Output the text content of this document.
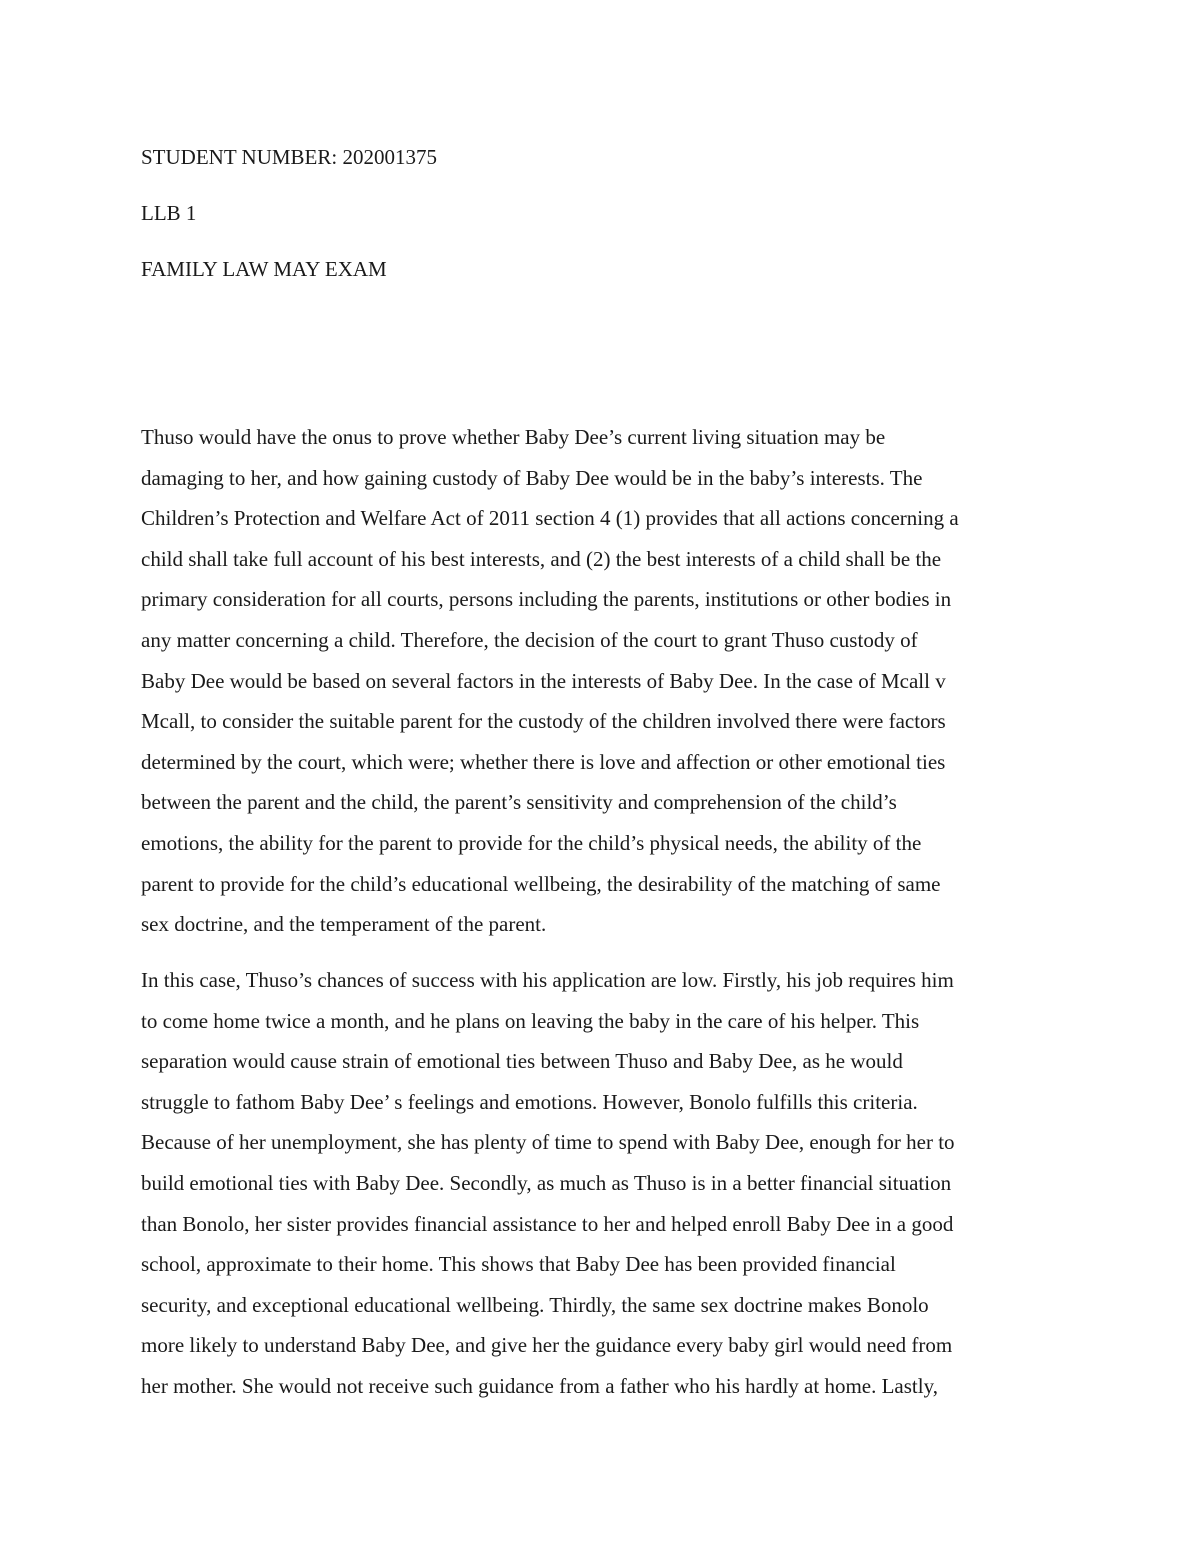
STUDENT NUMBER: 202001375
LLB 1
FAMILY LAW MAY EXAM

Thuso would have the onus to prove whether Baby Dee’s current living situation may be
damaging to her, and how gaining custody of Baby Dee would be in the baby’s interests. The
Children’s Protection and Welfare Act of 2011 section 4 (1) provides that all actions concerning a
child shall take full account of his best interests, and (2) the best interests of a child shall be the
primary consideration for all courts, persons including the parents, institutions or other bodies in
any matter concerning a child. Therefore, the decision of the court to grant Thuso custody of
Baby Dee would be based on several factors in the interests of Baby Dee. In the case of Mcall v
Mcall, to consider the suitable parent for the custody of the children involved there were factors
determined by the court, which were; whether there is love and affection or other emotional ties
between the parent and the child, the parent’s sensitivity and comprehension of the child’s
emotions, the ability for the parent to provide for the child’s physical needs, the ability of the
parent to provide for the child’s educational wellbeing, the desirability of the matching of same
sex doctrine, and the temperament of the parent.

In this case, Thuso’s chances of success with his application are low. Firstly, his job requires him
to come home twice a month, and he plans on leaving the baby in the care of his helper. This
separation would cause strain of emotional ties between Thuso and Baby Dee, as he would
struggle to fathom Baby Dee’ s feelings and emotions. However, Bonolo fulfills this criteria.
Because of her unemployment, she has plenty of time to spend with Baby Dee, enough for her to
build emotional ties with Baby Dee. Secondly, as much as Thuso is in a better financial situation
than Bonolo, her sister provides financial assistance to her and helped enroll Baby Dee in a good
school, approximate to their home. This shows that Baby Dee has been provided financial
security, and exceptional educational wellbeing. Thirdly, the same sex doctrine makes Bonolo
more likely to understand Baby Dee, and give her the guidance every baby girl would need from
her mother. She would not receive such guidance from a father who his hardly at home. Lastly,
